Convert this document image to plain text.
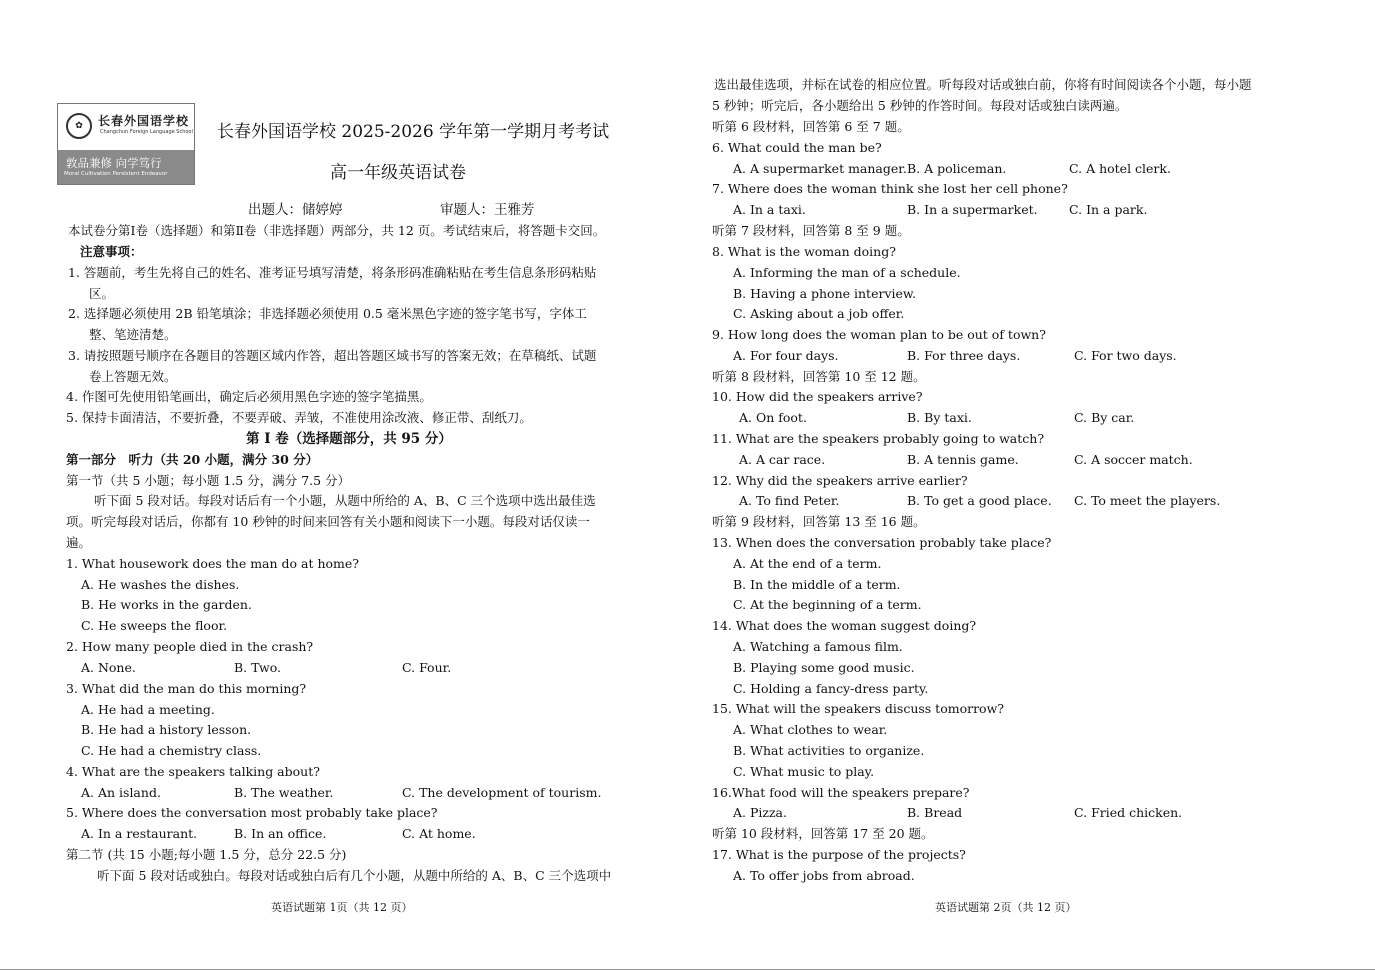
✿	长春外国语学校
Changchun Foreign Language School
敦品兼修 向学笃行
Moral Cultivation Persistent Endeavor
长春外国语学校 2025-2026 学年第一学期月考考试
高一年级英语试卷
出题人：储婷婷	审题人：王雅芳
本试卷分第Ⅰ卷（选择题）和第Ⅱ卷（非选择题）两部分，共 12 页。考试结束后，将答题卡交回。
注意事项：
1. 答题前，考生先将自己的姓名、准考证号填写清楚，将条形码准确粘贴在考生信息条形码粘贴
区。
2. 选择题必须使用 2B 铅笔填涂；非选择题必须使用 0.5 毫米黑色字迹的签字笔书写，字体工
整、笔迹清楚。
3. 请按照题号顺序在各题目的答题区域内作答，超出答题区域书写的答案无效；在草稿纸、试题
卷上答题无效。
4. 作图可先使用铅笔画出，确定后必须用黑色字迹的签字笔描黑。
5. 保持卡面清洁，不要折叠，不要弄破、弄皱，不准使用涂改液、修正带、刮纸刀。
第 I 卷（选择题部分，共 95 分）
第一部分　听力（共 20 小题，满分 30 分）
第一节（共 5 小题；每小题 1.5 分，满分 7.5 分）
听下面 5 段对话。每段对话后有一个小题，从题中所给的 A、B、C 三个选项中选出最佳选
项。听完每段对话后，你都有 10 秒钟的时间来回答有关小题和阅读下一小题。每段对话仅读一
遍。
1. What housework does the man do at home?
A. He washes the dishes.
B. He works in the garden.
C. He sweeps the floor.
2. How many people died in the crash?
A. None.	B. Two.	C. Four.
3. What did the man do this morning?
A. He had a meeting.
B. He had a history lesson.
C. He had a chemistry class.
4. What are the speakers talking about?
A. An island.	B. The weather.	C. The development of tourism.
5. Where does the conversation most probably take place?
A. In a restaurant.	B. In an office.	C. At home.
第二节 (共 15 小题;每小题 1.5 分，总分 22.5 分)
听下面 5 段对话或独白。每段对话或独白后有几个小题，从题中所给的 A、B、C 三个选项中
英语试题第 1页（共 12 页）
选出最佳选项，并标在试卷的相应位置。听每段对话或独白前，你将有时间阅读各个小题，每小题
5 秒钟；听完后，各小题给出 5 秒钟的作答时间。每段对话或独白读两遍。
听第 6 段材料，回答第 6 至 7 题。
6. What could the man be?
A. A supermarket manager. B. A policeman.	C. A hotel clerk.
7. Where does the woman think she lost her cell phone?
A. In a taxi.	B. In a supermarket.	C. In a park.
听第 7 段材料，回答第 8 至 9 题。
8. What is the woman doing?
A. Informing the man of a schedule.
B. Having a phone interview.
C. Asking about a job offer.
9. How long does the woman plan to be out of town?
A. For four days.	B. For three days.	C. For two days.
听第 8 段材料，回答第 10 至 12 题。
10. How did the speakers arrive?
A. On foot.	B. By taxi.	C. By car.
11. What are the speakers probably going to watch?
A. A car race.	B. A tennis game.	C. A soccer match.
12. Why did the speakers arrive earlier?
A. To find Peter.	B. To get a good place. C. To meet the players.
听第 9 段材料，回答第 13 至 16 题。
13. When does the conversation probably take place?
A. At the end of a term.
B. In the middle of a term.
C. At the beginning of a term.
14. What does the woman suggest doing?
A. Watching a famous film.
B. Playing some good music.
C. Holding a fancy-dress party.
15. What will the speakers discuss tomorrow?
A. What clothes to wear.
B. What activities to organize.
C. What music to play.
16.What food will the speakers prepare?
A. Pizza.	B. Bread	C. Fried chicken.
听第 10 段材料，回答第 17 至 20 题。
17. What is the purpose of the projects?
A. To offer jobs from abroad.
英语试题第 2页（共 12 页）
